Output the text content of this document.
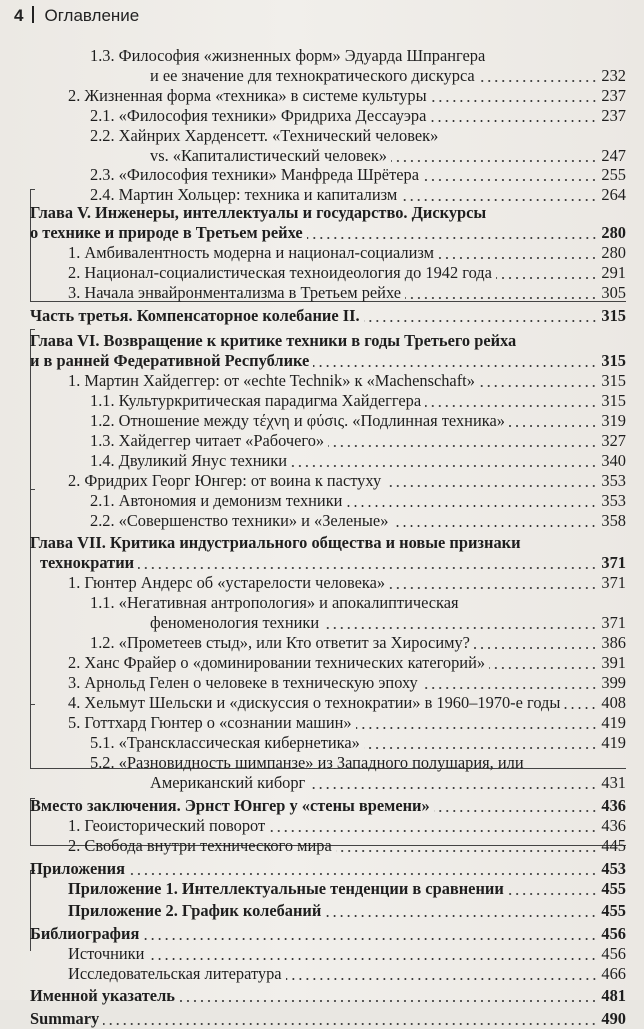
4 Оглавление
1.3. Философия «жизненных форм» Эдуарда Шпрангера
и ее значение для технократического дискурса	232
2. Жизненная форма «техника» в системе культуры	237
2.1. «Философия техники» Фридриха Дессауэра	237
2.2. Хайнрих Харденсетт. «Технический человек»
vs. «Капиталистический человек»	247
2.3. «Философия техники» Манфреда Шрётера	255
2.4. Мартин Хольцер: техника и капитализм	264
Глава V. Инженеры, интеллектуалы и государство. Дискурсы
о технике и природе в Третьем рейхе	280
1. Амбивалентность модерна и национал-социализм	280
2. Национал-социалистическая техноидеология до 1942 года	291
3. Начала энвайронментализма в Третьем рейхе	305
Часть третья. Компенсаторное колебание II.	315
Глава VI. Возвращение к критике техники в годы Третьего рейха
и в ранней Федеративной Республике	315
1. Мартин Хайдеггер: от «echte Technik» к «Machenschaft»	315
1.1. Культуркритическая парадигма Хайдеггера	315
1.2. Отношение между τέχνη и φύσις. «Подлинная техника»	319
1.3. Хайдеггер читает «Рабочего»	327
1.4. Двуликий Янус техники	340
2. Фридрих Георг Юнгер: от воина к пастуху	353
2.1. Автономия и демонизм техники	353
2.2. «Совершенство техники» и «Зеленые»	358
Глава VII. Критика индустриального общества и новые признаки
технократии	371
1. Гюнтер Андерс об «устарелости человека»	371
1.1. «Негативная антропология» и апокалиптическая
феноменология техники	371
1.2. «Прометеев стыд», или Кто ответит за Хиросиму?	386
2. Ханс Фрайер о «доминировании технических категорий»	391
3. Арнольд Гелен о человеке в техническую эпоху	399
4. Хельмут Шельски и «дискуссия о технократии» в 1960–1970-е годы	408
5. Готтхард Гюнтер о «сознании машин»	419
5.1. «Трансклассическая кибернетика»	419
5.2. «Разновидность шимпанзе» из Западного полушария, или
Американский киборг	431
Вместо заключения. Эрнст Юнгер у «стены времени»	436
1. Геоисторический поворот	436
2. Свобода внутри технического мира	445
Приложения	453
Приложение 1. Интеллектуальные тенденции в сравнении	455
Приложение 2. График колебаний	455
Библиография	456
Источники	456
Исследовательская литература	466
Именной указатель	481
Summary	490
